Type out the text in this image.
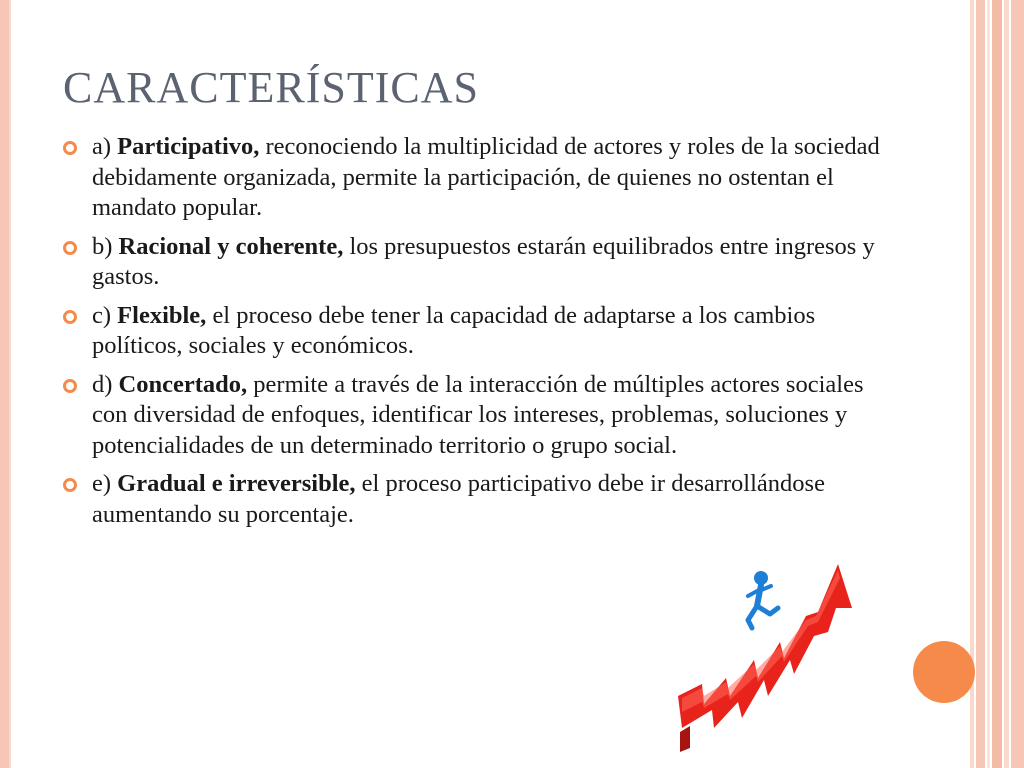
CARACTERÍSTICAS
a) Participativo, reconociendo la multiplicidad de actores y roles de la sociedad debidamente organizada, permite la participación, de quienes no ostentan el mandato popular.
b) Racional y coherente, los presupuestos estarán equilibrados entre ingresos y gastos.
c) Flexible, el proceso debe tener la capacidad de adaptarse a los cambios políticos, sociales y económicos.
d) Concertado, permite a través de la interacción de múltiples actores sociales con diversidad de enfoques, identificar los intereses, problemas, soluciones y potencialidades de un determinado territorio o grupo social.
e) Gradual e irreversible, el proceso participativo debe ir desarrollándose aumentando su porcentaje.
